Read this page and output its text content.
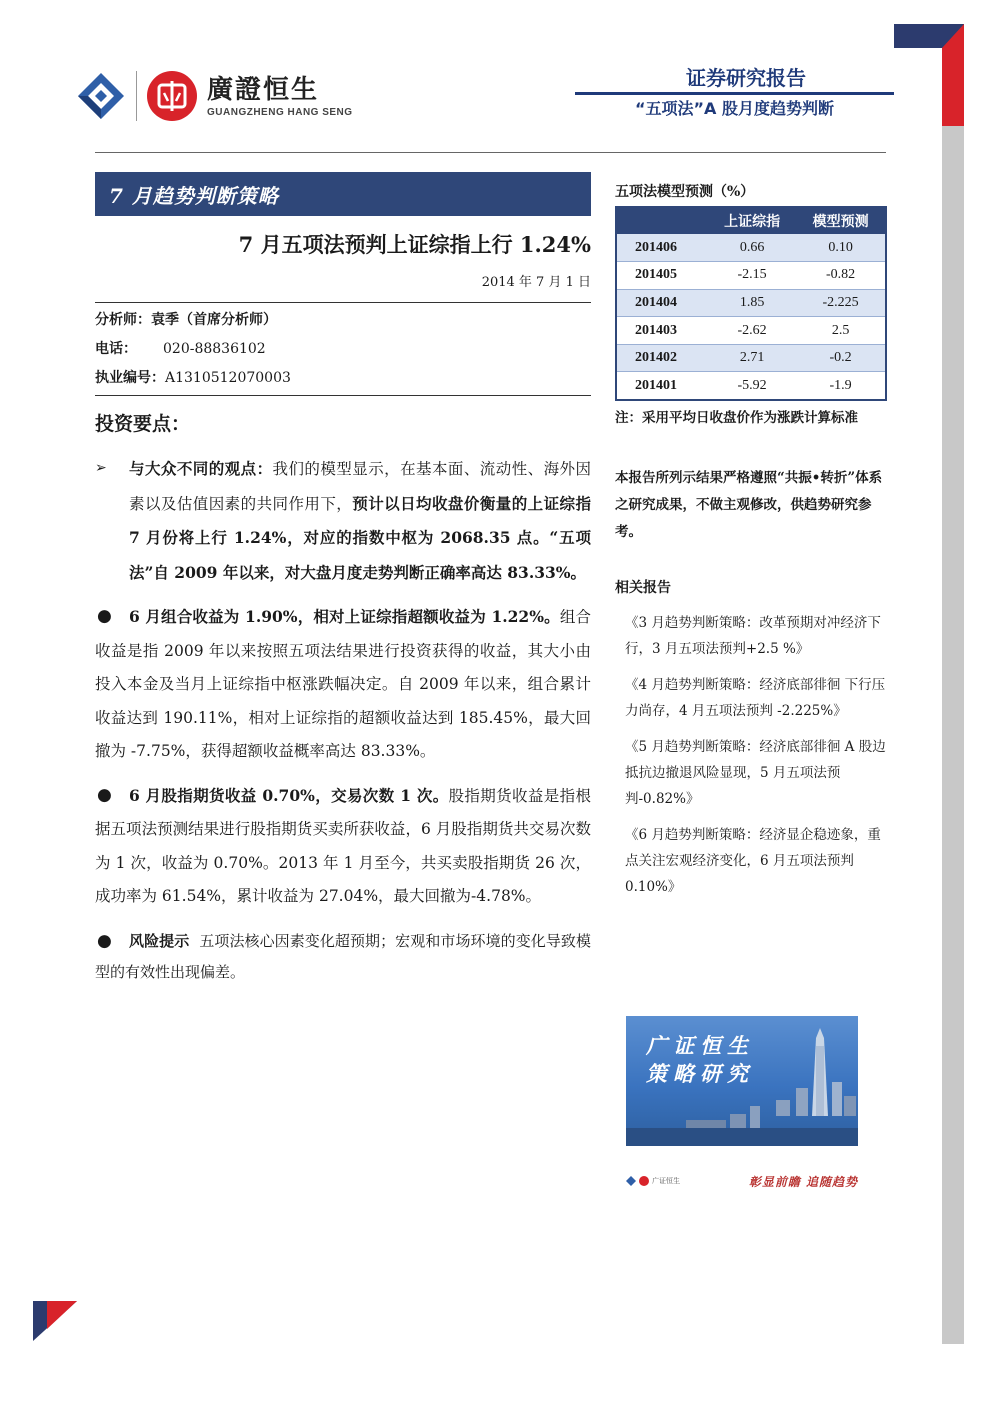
廣證恒生
GUANGZHENG HANG SENG
证券研究报告
“五项法”A 股月度趋势判断
7 月趋势判断策略
7 月五项法预判上证综指上行 1.24%
2014 年 7 月 1 日
分析师：袁季（首席分析师）
电话： 020-88836102
执业编号：A1310512070003
投资要点：
➢ 与大众不同的观点：我们的模型显示，在基本面、流动性、海外因素以及估值因素的共同作用下，预计以日均收盘价衡量的上证综指 7 月份将上行 1.24%，对应的指数中枢为 2068.35 点。“五项法”自 2009 年以来，对大盘月度走势判断正确率高达 83.33%。
● 6 月组合收益为 1.90%，相对上证综指超额收益为 1.22%。组合收益是指 2009 年以来按照五项法结果进行投资获得的收益，其大小由投入本金及当月上证综指中枢涨跌幅决定。自 2009 年以来，组合累计收益达到 190.11%，相对上证综指的超额收益达到 185.45%，最大回撤为 -7.75%，获得超额收益概率高达 83.33%。
● 6 月股指期货收益 0.70%，交易次数 1 次。股指期货收益是指根据五项法预测结果进行股指期货买卖所获收益，6 月股指期货共交易次数为 1 次，收益为 0.70%。2013 年 1 月至今，共买卖股指期货 26 次，成功率为 61.54%，累计收益为 27.04%，最大回撤为-4.78%。
● 风险提示 五项法核心因素变化超预期；宏观和市场环境的变化导致模型的有效性出现偏差。
五项法模型预测（%）
	上证综指	模型预测
201406	0.66	0.10
201405	-2.15	-0.82
201404	1.85	-2.225
201403	-2.62	2.5
201402	2.71	-0.2
201401	-5.92	-1.9
注：采用平均日收盘价作为涨跌计算标准
本报告所列示结果严格遵照“共振•转折”体系之研究成果，不做主观修改，供趋势研究参考。
相关报告
《3 月趋势判断策略：改革预期对冲经济下行，3 月五项法预判+2.5 %》
《4 月趋势判断策略：经济底部徘徊 下行压力尚存，4 月五项法预判 -2.225%》
《5 月趋势判断策略：经济底部徘徊 A 股边抵抗边撤退风险显现，5 月五项法预判-0.82%》
《6 月趋势判断策略：经济显企稳迹象，重点关注宏观经济变化，6 月五项法预判 0.10%》
广证恒生
策略研究
广证恒生	彰显前瞻 追随趋势
